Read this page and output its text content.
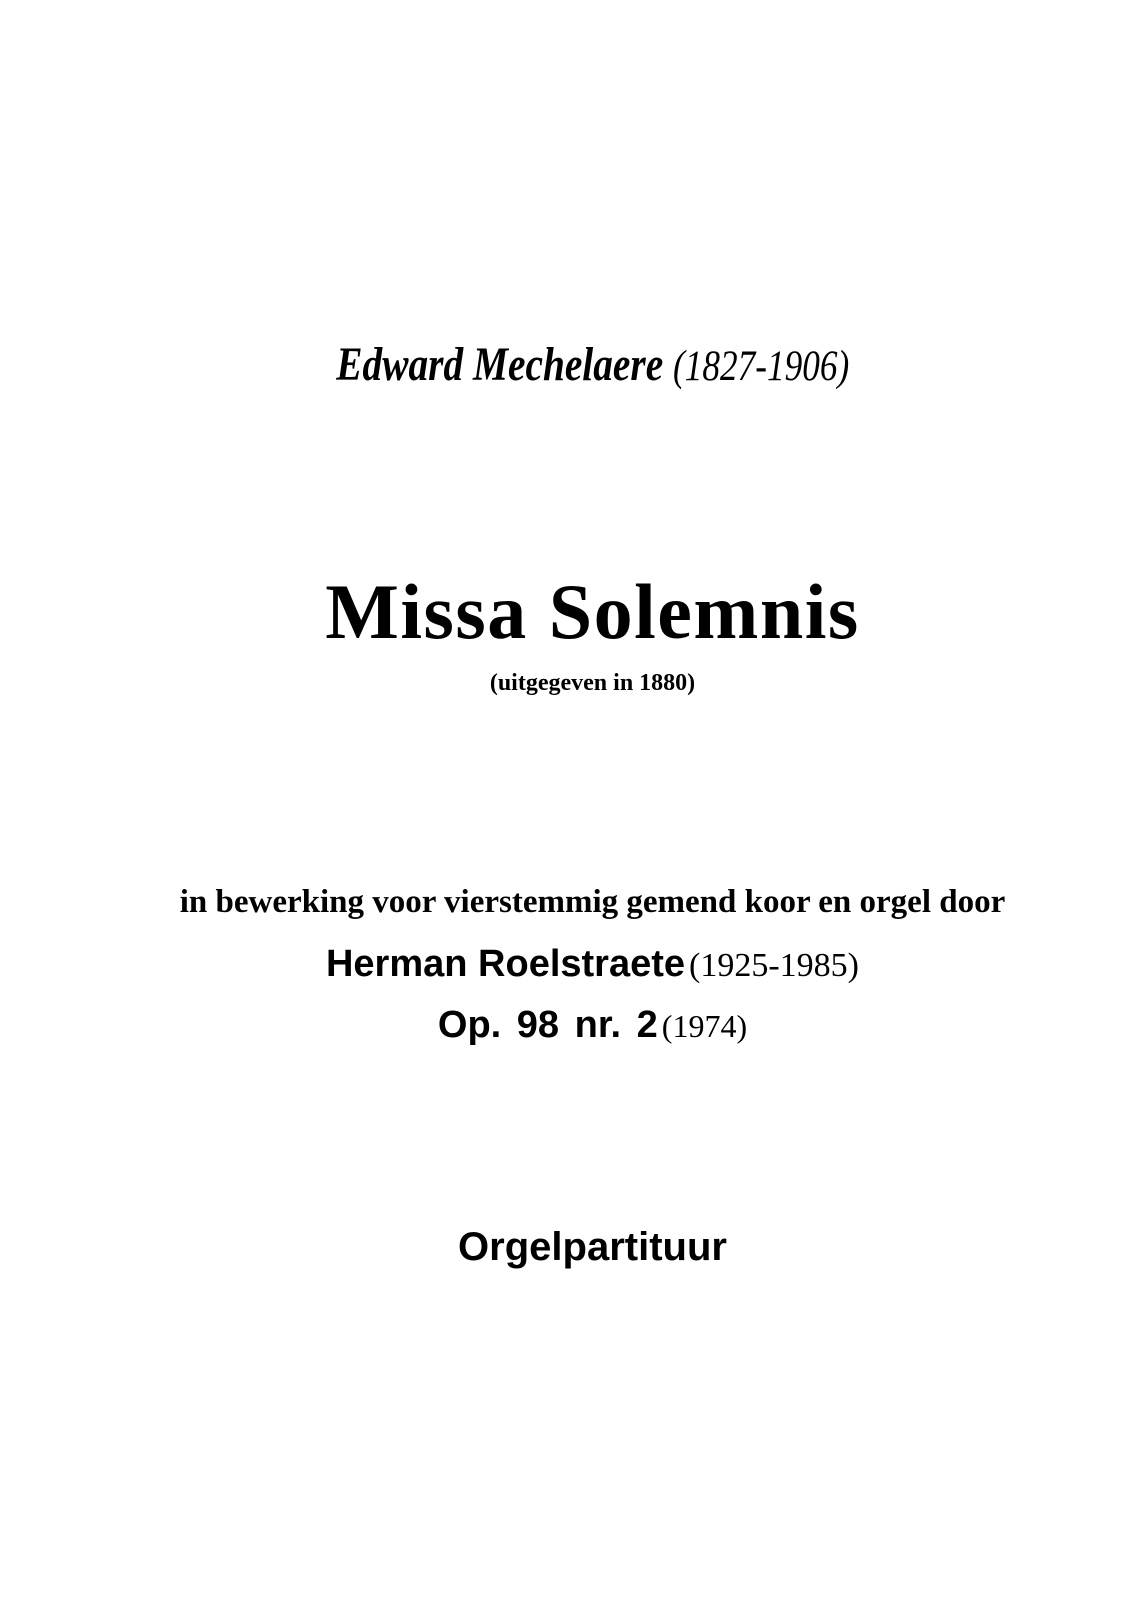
Edward Mechelaere (1827-1906)
Missa Solemnis
(uitgegeven in 1880)
in bewerking voor vierstemmig gemend koor en orgel door
Herman Roelstraete (1925-1985)
Op. 98 nr. 2 (1974)
Orgelpartituur
